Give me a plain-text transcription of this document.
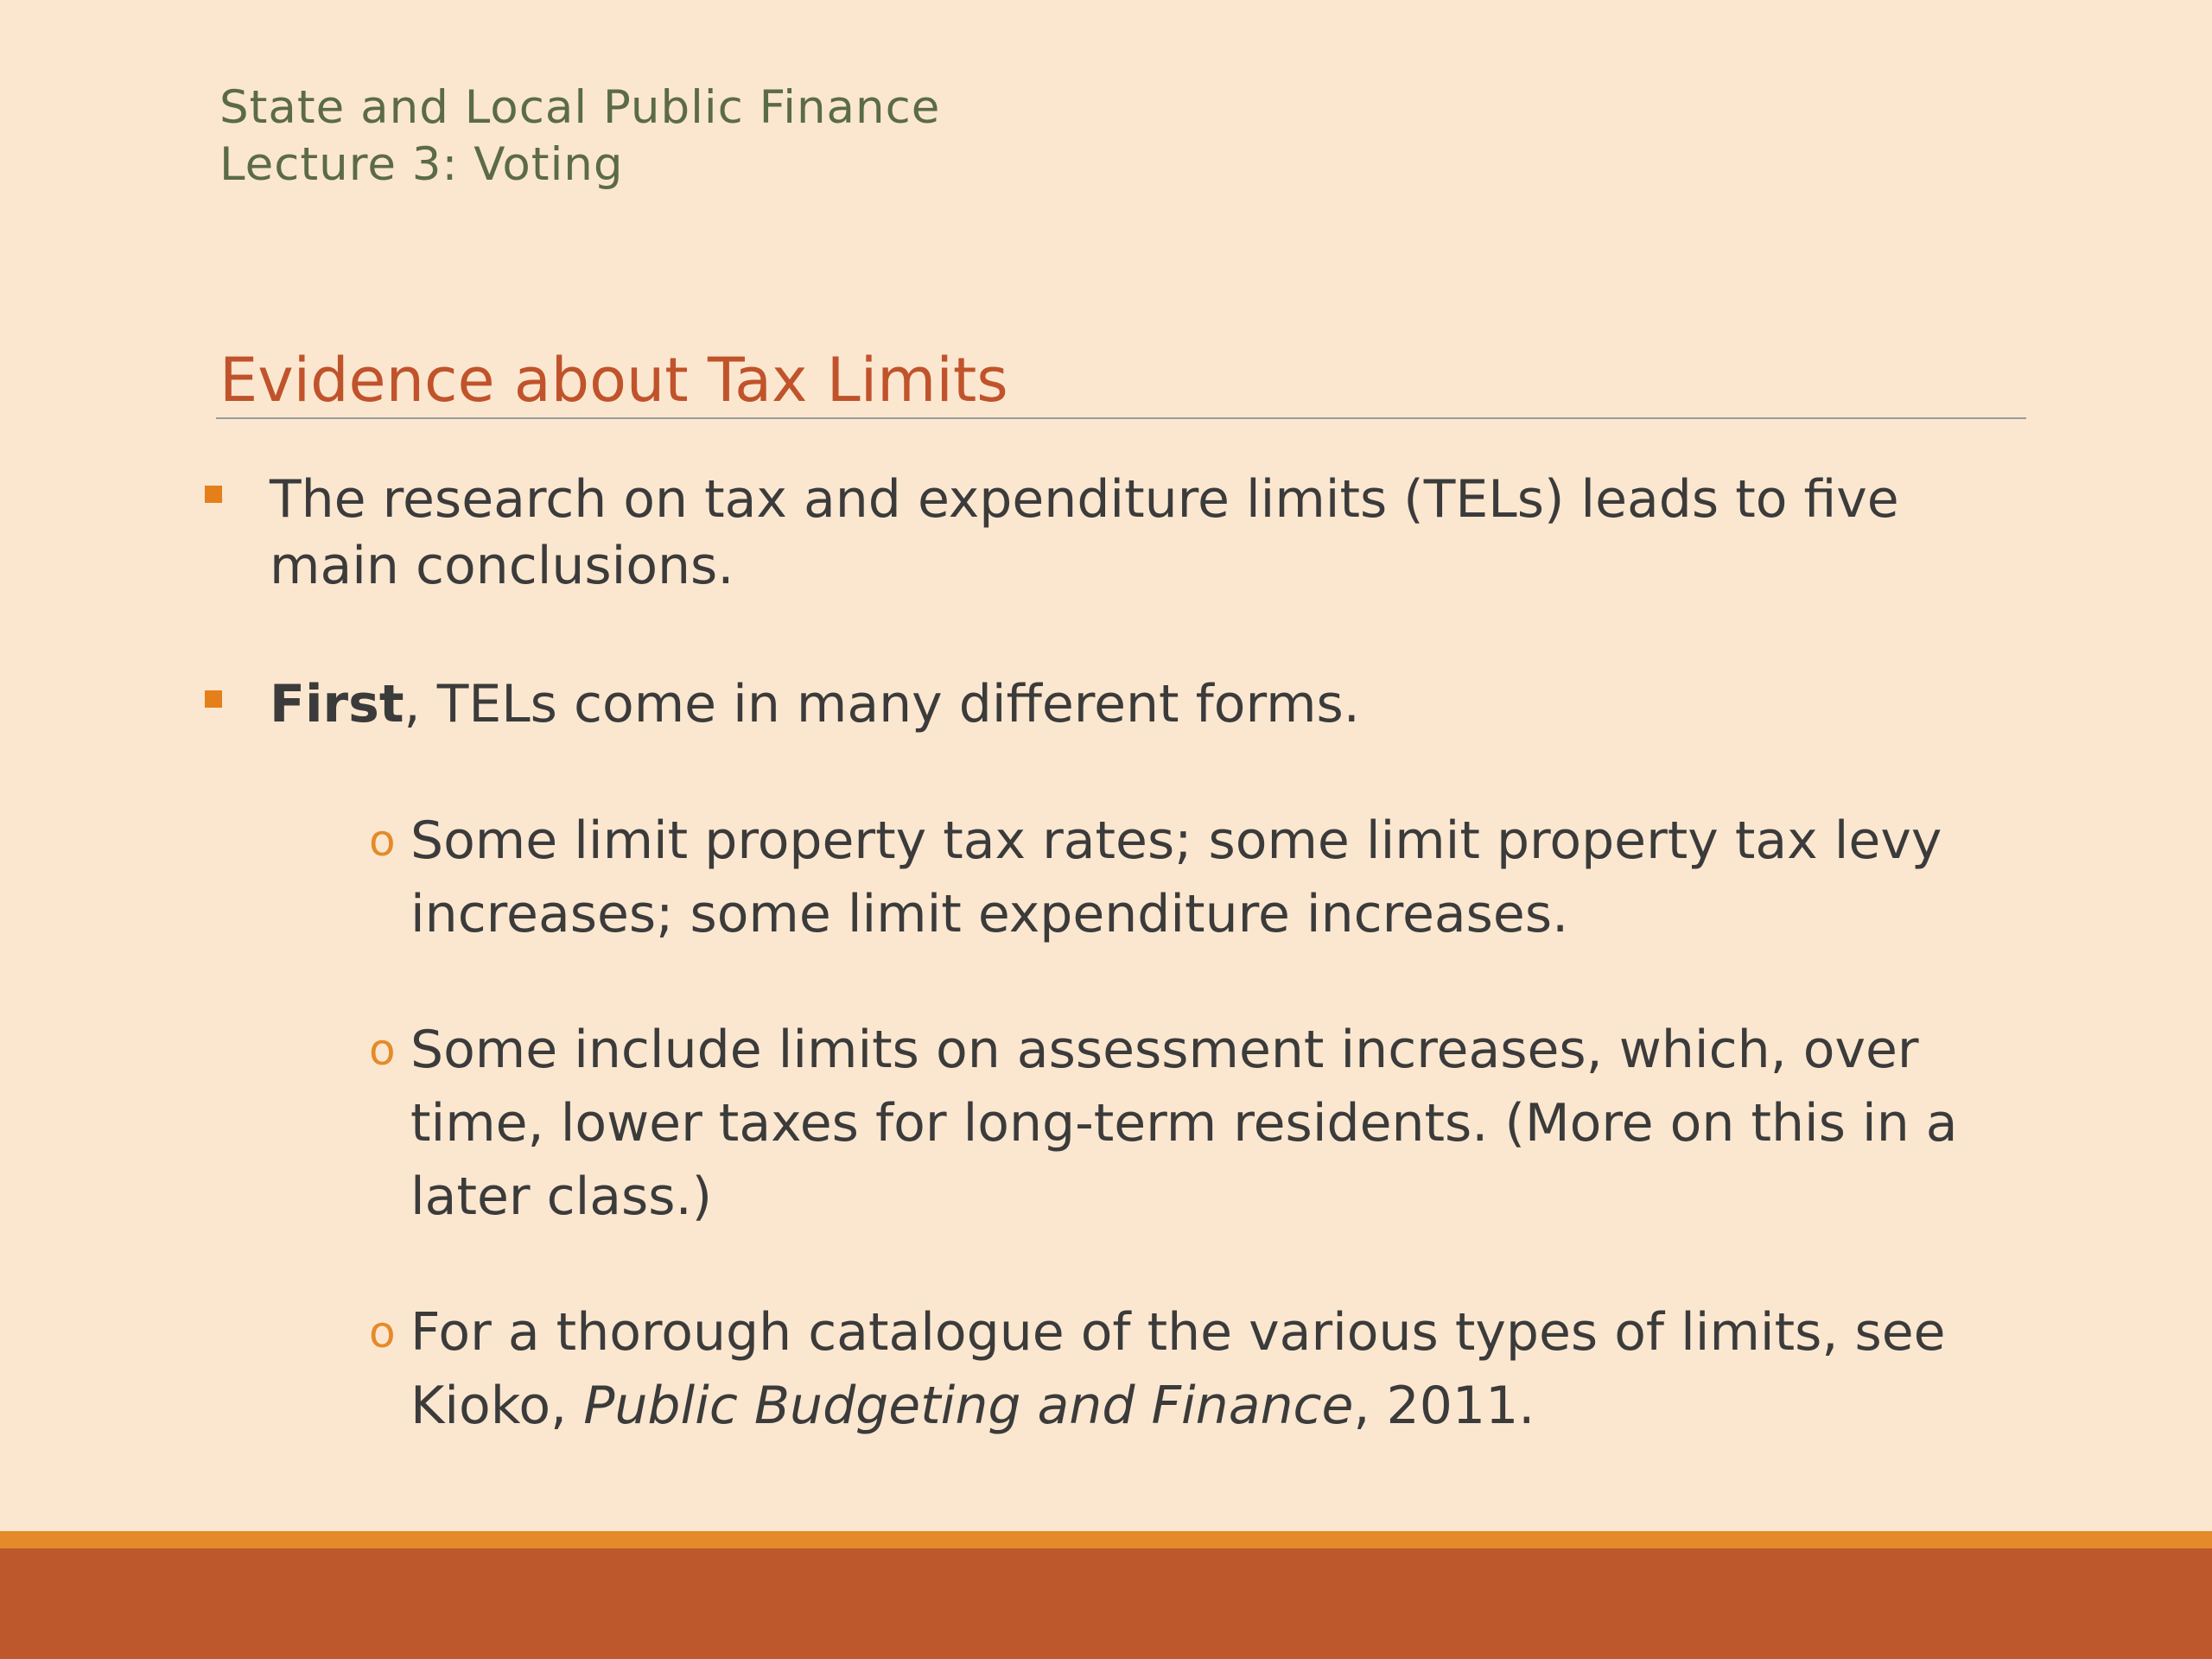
State and Local Public Finance
Lecture 3: Voting
Evidence about Tax Limits
The research on tax and expenditure limits (TELs) leads to five main conclusions.
First, TELs come in many different forms.
o Some limit property tax rates; some limit property tax levy increases; some limit expenditure increases.
o Some include limits on assessment increases, which, over time, lower taxes for long-term residents. (More on this in a later class.)
o For a thorough catalogue of the various types of limits, see Kioko, Public Budgeting and Finance, 2011.
